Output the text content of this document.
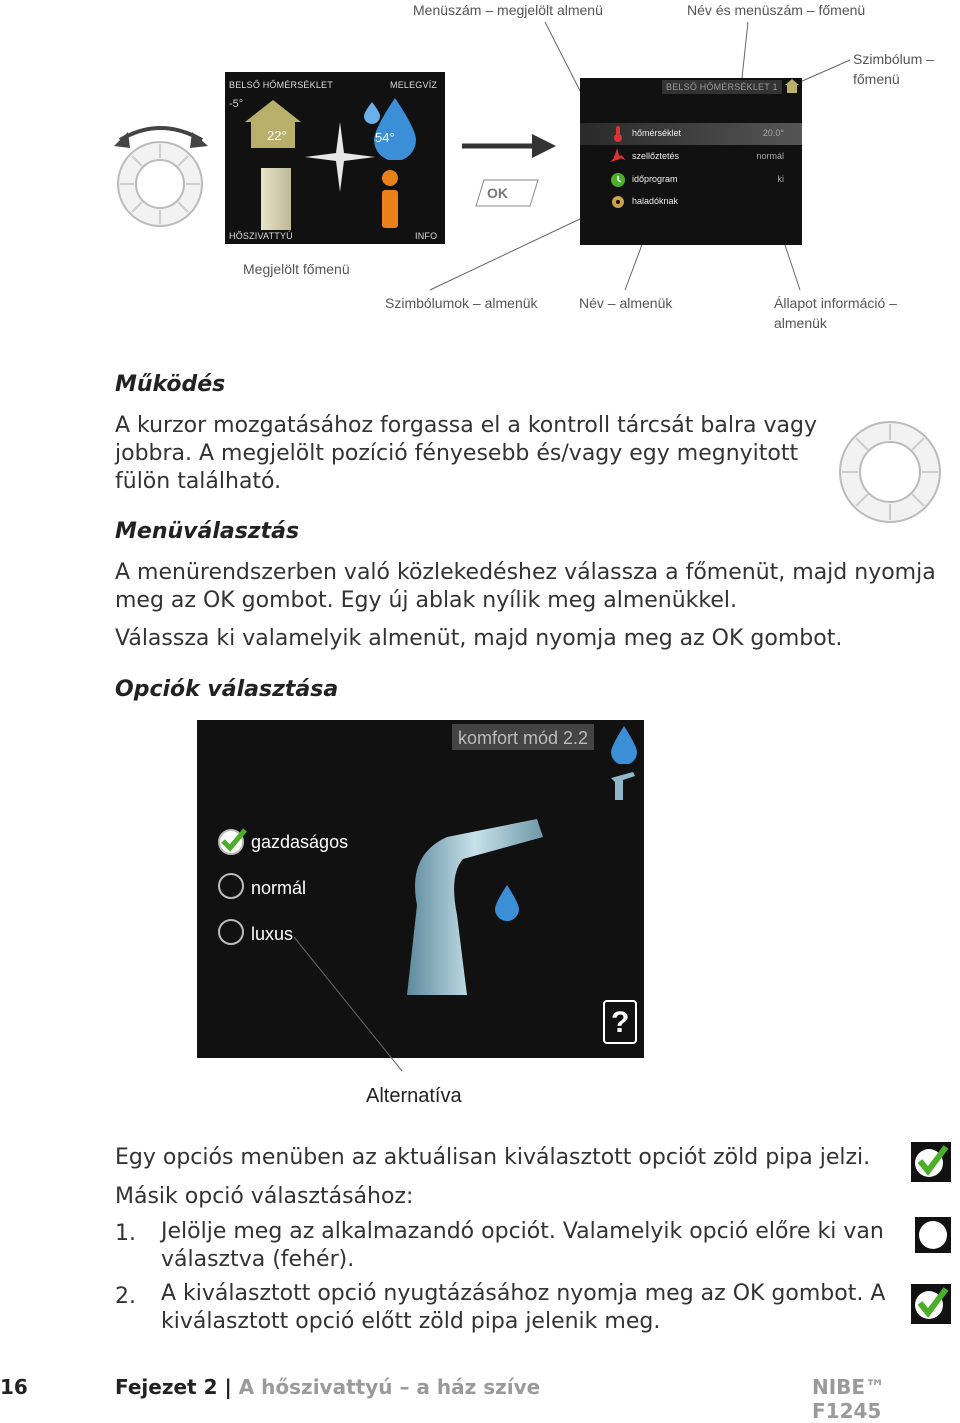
Menüszám – megjelölt almenü	Név és menüszám – főmenü
Szimbólum – főmenü
BELSŐ HŐMÉRSÉKLET	MELEGVÍZ
HŐSZIVATTYÚ	INFO
-5°
22°	54°
OK
BELSŐ HŐMÉRSÉKLET 1
hőmérséklet	20.0°
szellőztetés	normál
időprogram	ki
haladóknak
Megjelölt főmenü
Szimbólumok – almenük	Név – almenük	Állapot információ – almenük
Működés
A kurzor mozgatásához forgassa el a kontroll tárcsát balra vagy jobbra. A megjelölt pozíció fényesebb és/vagy egy megnyitott fülön található.
Menüválasztás
A menürendszerben való közlekedéshez válassza a főmenüt, majd nyomja meg az OK gombot. Egy új ablak nyílik meg almenükkel.
Válassza ki valamelyik almenüt, majd nyomja meg az OK gombot.
Opciók választása
komfort mód 2.2
gazdaságos
normál
luxus
?
Alternatíva
Egy opciós menüben az aktuálisan kiválasztott opciót zöld pipa jelzi.
Másik opció választásához:
1. Jelölje meg az alkalmazandó opciót. Valamelyik opció előre ki van választva (fehér).
2. A kiválasztott opció nyugtázásához nyomja meg az OK gombot. A kiválasztott opció előtt zöld pipa jelenik meg.
16	Fejezet 2 | A hőszivattyú – a ház szíve	NIBE™ F1245
